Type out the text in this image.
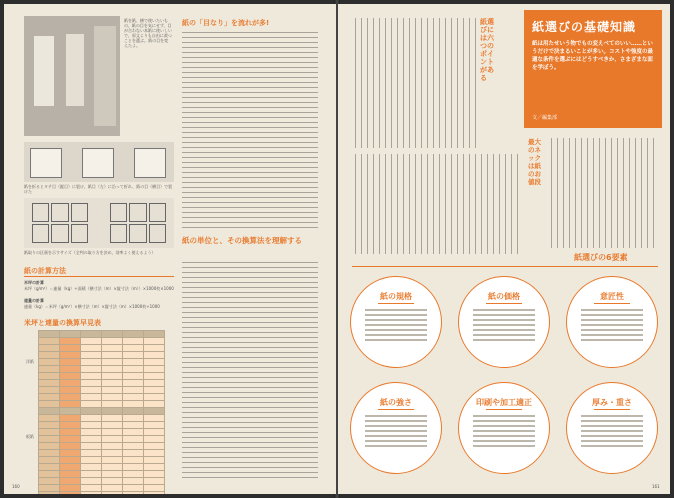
紙を紙、横で使いたいもの、紙の目を気にせず、目が合わない本紙に使いしいで、原文よりも自由に裁つことを選ぶ。紙の目を変えたよ。
紙を折るとタテ目（縦目）に裂け、紙目（左）に沿って折れ、紙の目（横目）で裂けた
紙取りの区画を示すサイズ（全判の取り方を決め、効率よく使えるよう）
紙の「目なり」を流れが多!
紙の単位と、その換算法を理解する
紙の計算方法
米坪の計算
米坪（g/m²）＝連量（kg）÷面積（横寸法（m）×縦寸法（m））×1000枚×1000
連量の計算
連量（kg）＝米坪（g/m²）×横寸法（m）×縦寸法（m）×1000枚÷1000
米坪と連量の換算早見表
洋紙
板紙

160
紙選びには六つのポイントがある
紙選びの基礎知識
紙は用たせいう物でもの変えべてのいい……というだけで決まるいことが多い。コストや強度の最適な条件を選ぶにはどうすべきか、さまざまな面を学ぼう。
文／編集部
最大のネックは紙のお値段
紙選びの6要素
紙の規格	紙の価格	意匠性
紙の強さ	印刷や加工適正	厚み・重さ
161
